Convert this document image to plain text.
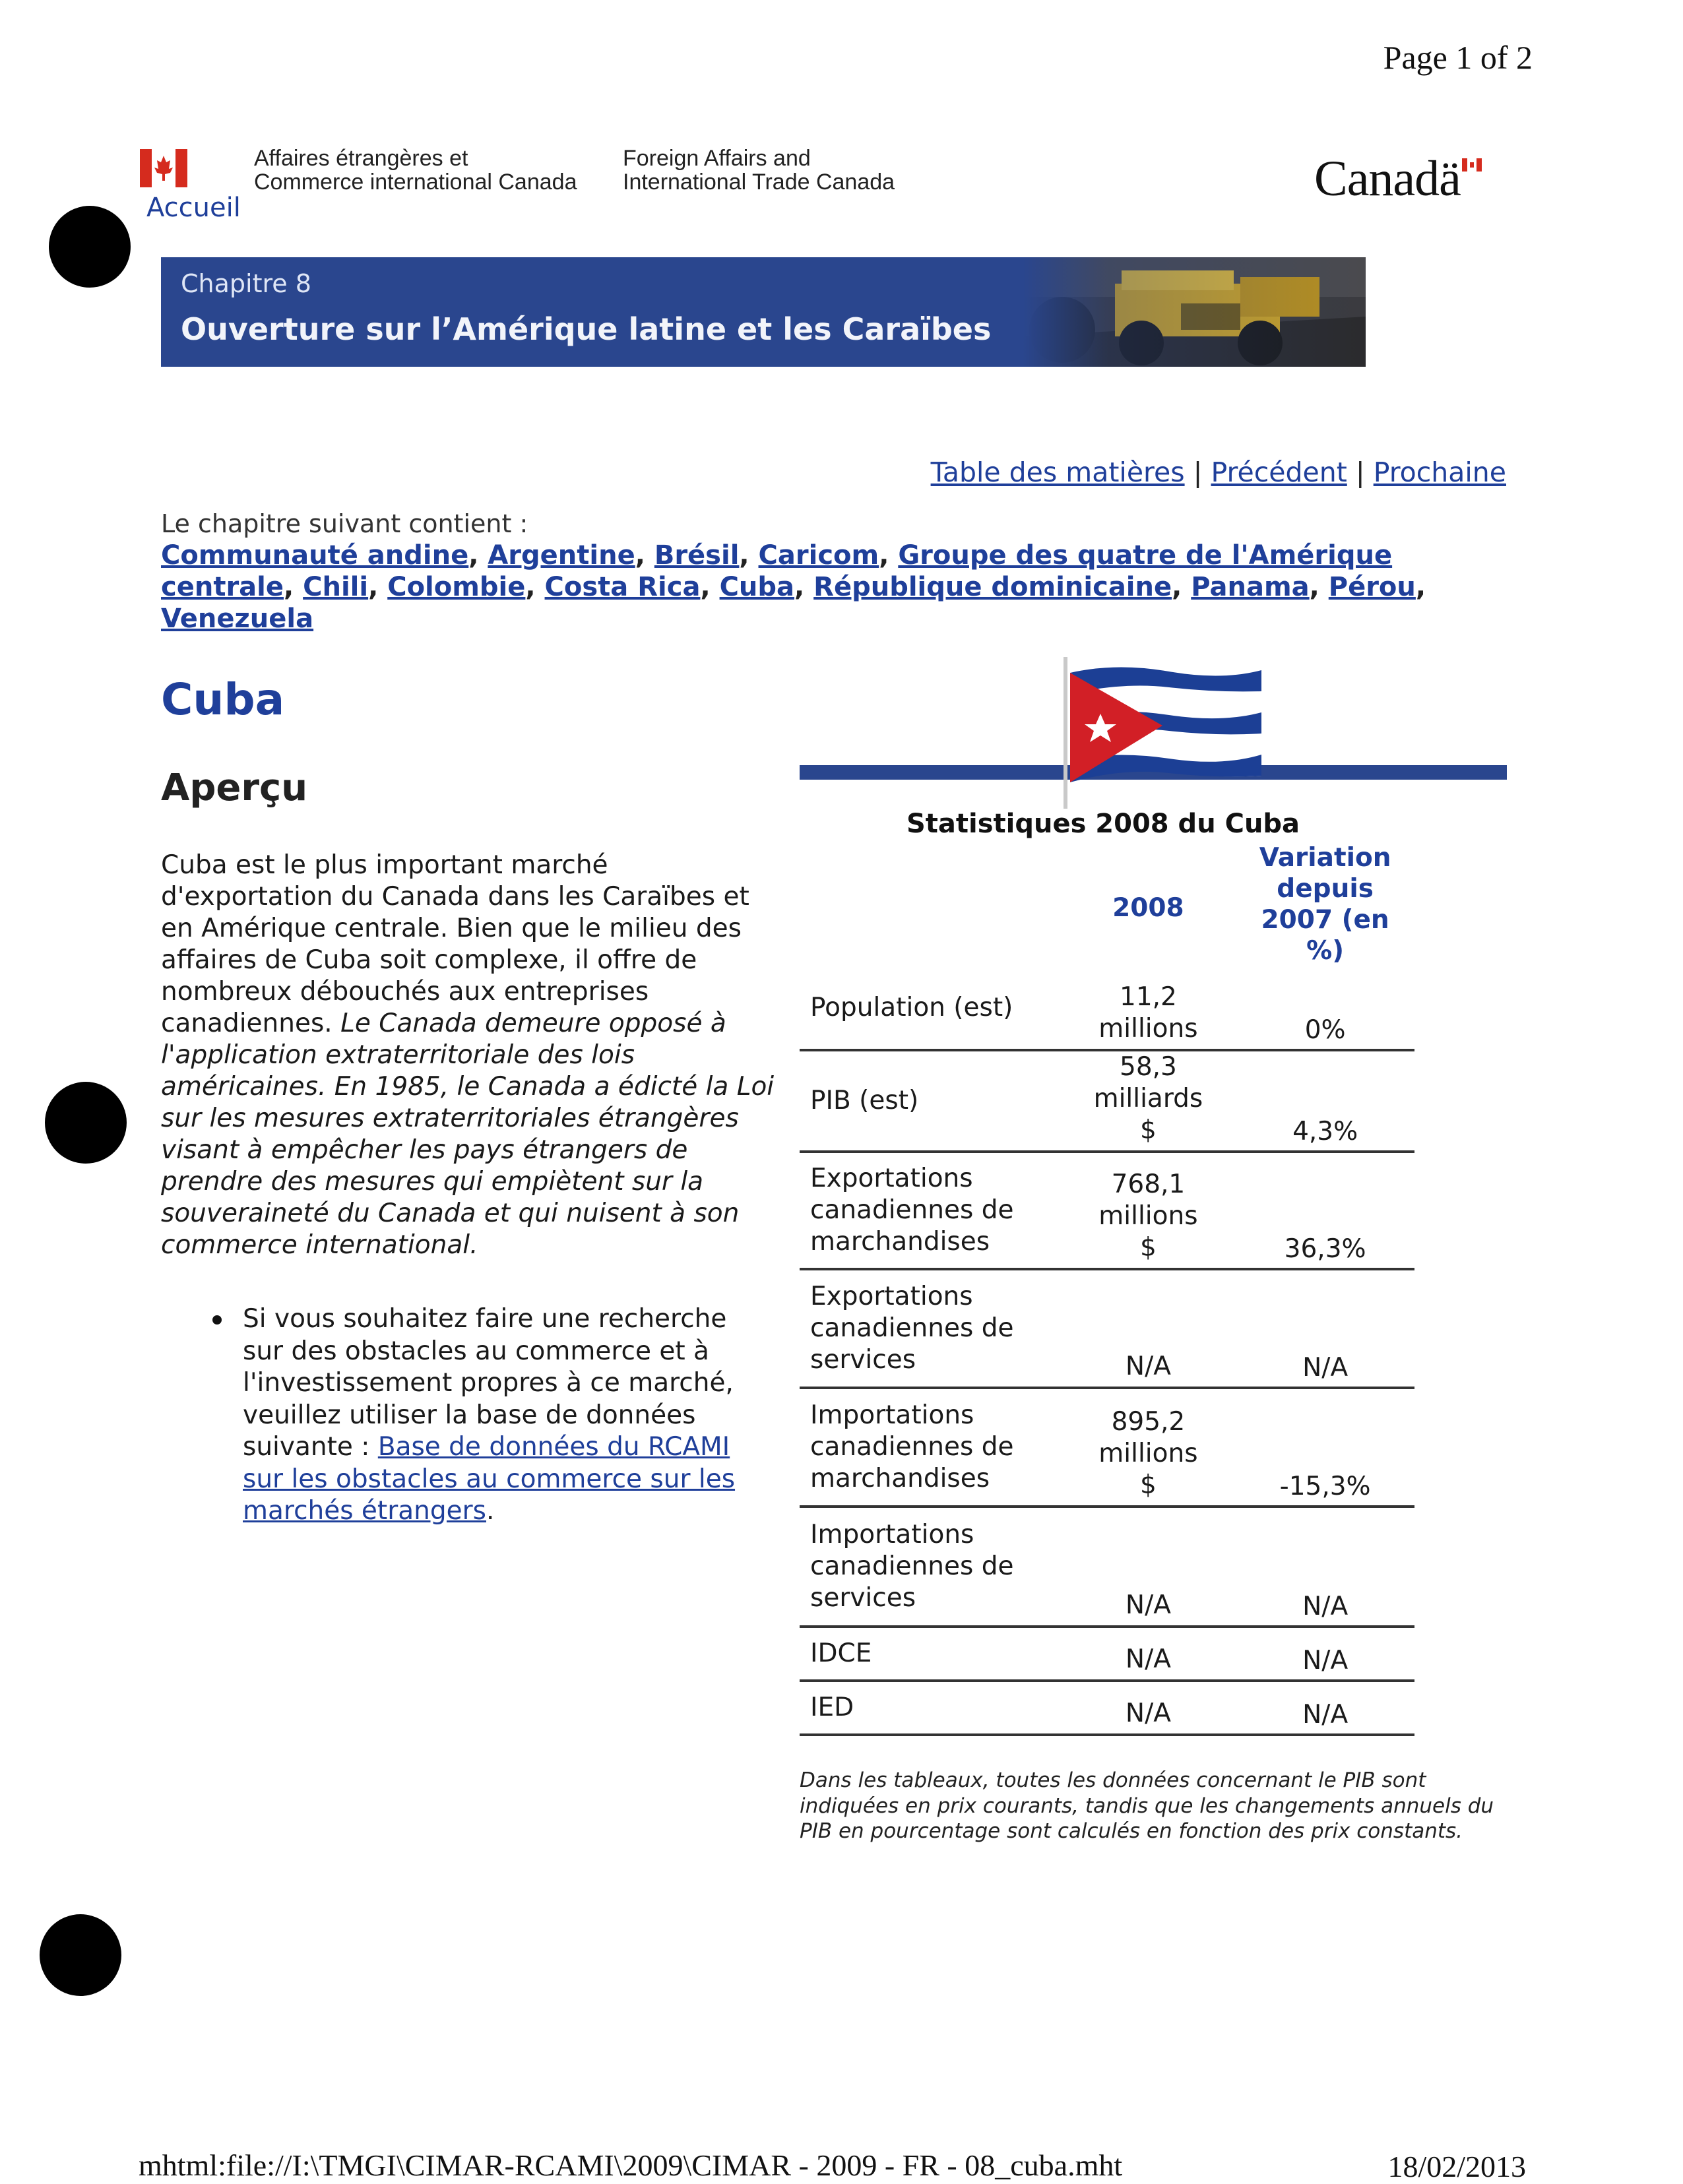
Page 1 of 2
Affaires étrangères et
Commerce international Canada
Foreign Affairs and
International Trade Canada
Accueil
Canadä
Chapitre 8
Ouverture sur l’Amérique latine et les Caraïbes
Table des matières | Précédent | Prochaine
Le chapitre suivant contient :
Communauté andine, Argentine, Brésil, Caricom, Groupe des quatre de l'Amérique centrale, Chili, Colombie, Costa Rica, Cuba, République dominicaine, Panama, Pérou, Venezuela
Cuba
Aperçu
Cuba est le plus important marché d'exportation du Canada dans les Caraïbes et en Amérique centrale. Bien que le milieu des affaires de Cuba soit complexe, il offre de nombreux débouchés aux entreprises canadiennes. Le Canada demeure opposé à l'application extraterritoriale des lois américaines. En 1985, le Canada a édicté la Loi sur les mesures extraterritoriales étrangères visant à empêcher les pays étrangers de prendre des mesures qui empiètent sur la souveraineté du Canada et qui nuisent à son commerce international.
Si vous souhaitez faire une recherche sur des obstacles au commerce et à l'investissement propres à ce marché, veuillez utiliser la base de données suivante : Base de données du RCAMI sur les obstacles au commerce sur les marchés étrangers.
Statistiques 2008 du Cuba
	2008	Variation depuis 2007 (en %)
Population (est)	11,2 millions	0%
PIB (est)	58,3 milliards $	4,3%
Exportations canadiennes de marchandises	768,1 millions $	36,3%
Exportations canadiennes de services	N/A	N/A
Importations canadiennes de marchandises	895,2 millions $	-15,3%
Importations canadiennes de services	N/A	N/A
IDCE	N/A	N/A
IED	N/A	N/A
Dans les tableaux, toutes les données concernant le PIB sont indiquées en prix courants, tandis que les changements annuels du PIB en pourcentage sont calculés en fonction des prix constants.
mhtml:file://I:\TMGI\CIMAR-RCAMI\2009\CIMAR - 2009 - FR - 08_cuba.mht	18/02/2013
